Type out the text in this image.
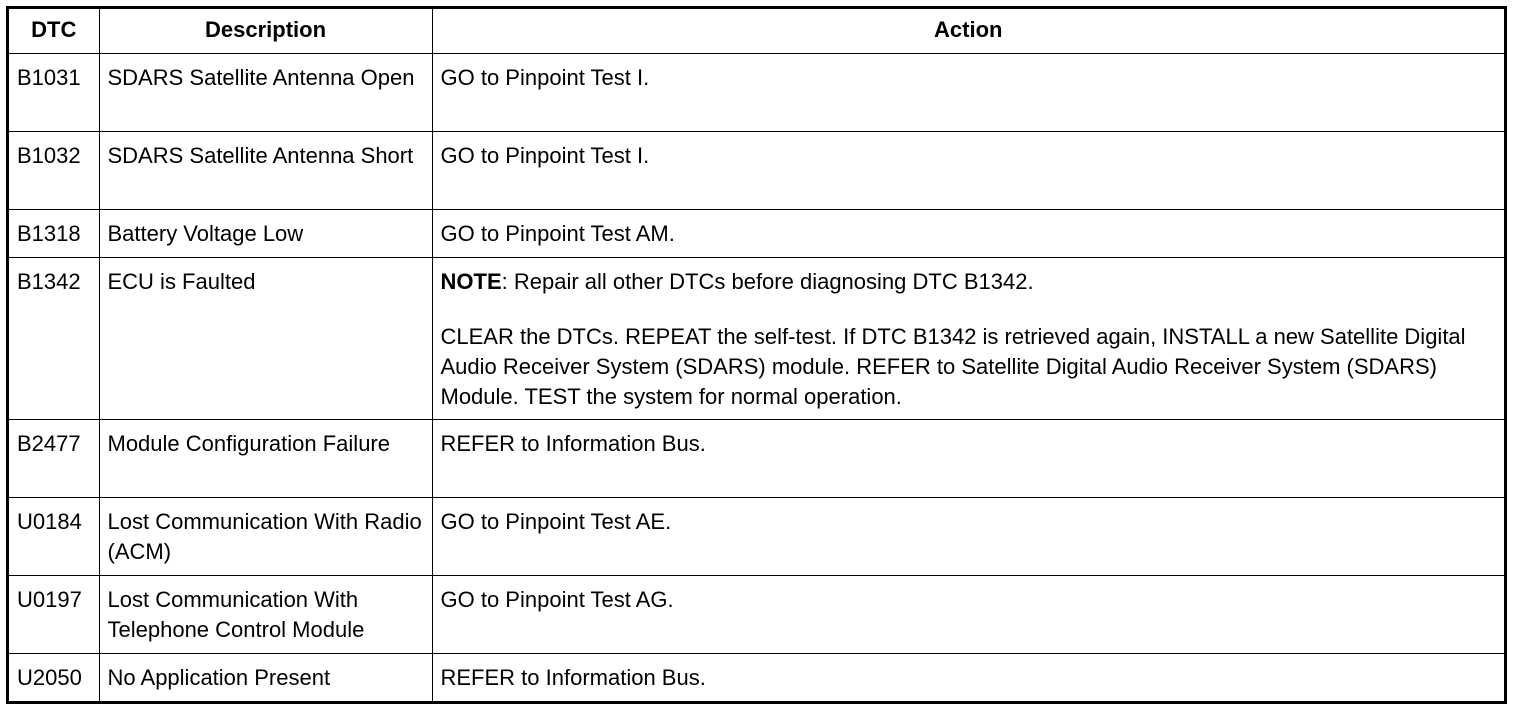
DTC	Description	Action
B1031	SDARS Satellite Antenna Open	GO to Pinpoint Test I.
B1032	SDARS Satellite Antenna Short	GO to Pinpoint Test I.
B1318	Battery Voltage Low	GO to Pinpoint Test AM.
B1342	ECU is Faulted	NOTE: Repair all other DTCs before diagnosing DTC B1342.
CLEAR the DTCs. REPEAT the self-test. If DTC B1342 is retrieved again, INSTALL a new Satellite Digital Audio Receiver System (SDARS) module. REFER to Satellite Digital Audio Receiver System (SDARS) Module. TEST the system for normal operation.

B2477	Module Configuration Failure	REFER to Information Bus.
U0184	Lost Communication With Radio (ACM)	GO to Pinpoint Test AE.
U0197	Lost Communication With Telephone Control Module	GO to Pinpoint Test AG.
U2050	No Application Present	REFER to Information Bus.
